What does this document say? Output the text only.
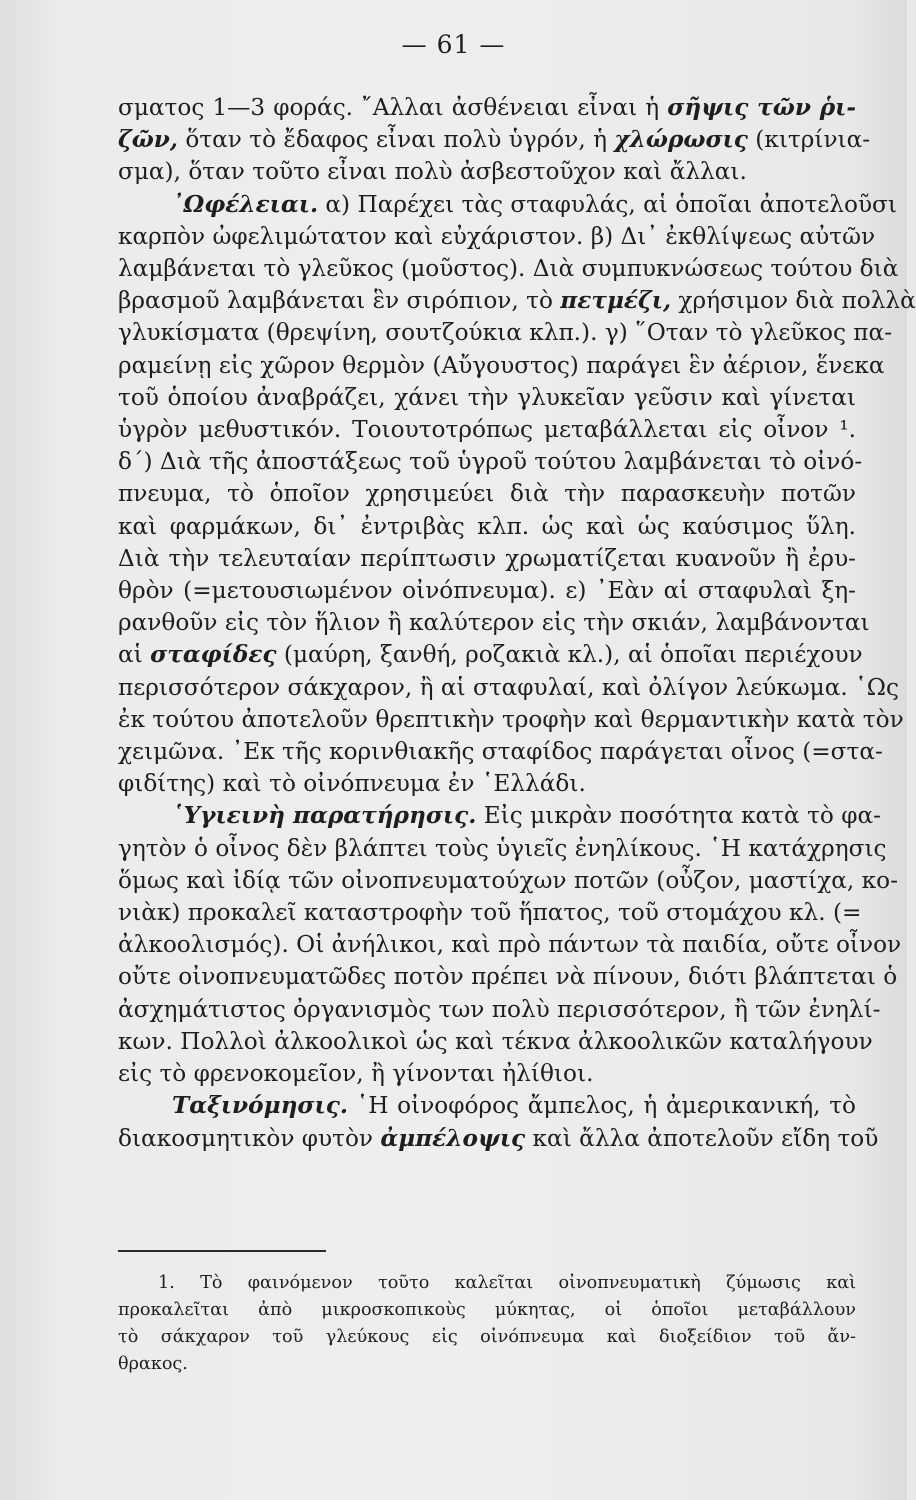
— 61 —
σματος 1—3 φοράς. ῎Αλλαι ἀσθένειαι εἶναι ἡ σῆψις τῶν ῥι-
ζῶν, ὅταν τὸ ἔδαφος εἶναι πολὺ ὑγρόν, ἡ χλώρωσις (κιτρίνια-
σμα), ὅταν τοῦτο εἶναι πολὺ ἀσβεστοῦχον καὶ ἄλλαι.
᾿Ωφέλειαι. α) Παρέχει τὰς σταφυλάς, αἱ ὁποῖαι ἀποτελοῦσι
καρπὸν ὠφελιμώτατον καὶ εὐχάριστον. β) Δι᾿ ἐκθλίψεως αὐτῶν
λαμβάνεται τὸ γλεῦκος (μοῦστος). Διὰ συμπυκνώσεως τούτου διὰ
βρασμοῦ λαμβάνεται ἓν σιρόπιον, τὸ πετμέζι, χρήσιμον διὰ πολλὰ
γλυκίσματα (θρεψίνη, σουτζούκια κλπ.). γ) ῞Οταν τὸ γλεῦκος πα-
ραμείνῃ εἰς χῶρον θερμὸν (Αὔγουστος) παράγει ἓν ἀέριον, ἕνεκα
τοῦ ὁποίου ἀναβράζει, χάνει τὴν γλυκεῖαν γεῦσιν καὶ γίνεται
ὑγρὸν μεθυστικόν. Τοιουτοτρόπως μεταβάλλεται εἰς οἶνον ¹.
δ΄) Διὰ τῆς ἀποστάξεως τοῦ ὑγροῦ τούτου λαμβάνεται τὸ οἰνό-
πνευμα, τὸ ὁποῖον χρησιμεύει διὰ τὴν παρασκευὴν ποτῶν
καὶ φαρμάκων, δι᾿ ἐντριβὰς κλπ. ὡς καὶ ὡς καύσιμος ὕλη.
Διὰ τὴν τελευταίαν περίπτωσιν χρωματίζεται κυανοῦν ἢ ἐρυ-
θρὸν (=μετουσιωμένον οἰνόπνευμα). ε) ᾿Εὰν αἱ σταφυλαὶ ξη-
ρανθοῦν εἰς τὸν ἥλιον ἢ καλύτερον εἰς τὴν σκιάν, λαμβάνονται
αἱ σταφίδες (μαύρη, ξανθή, ροζακιὰ κλ.), αἱ ὁποῖαι περιέχουν
περισσότερον σάκχαρον, ἢ αἱ σταφυλαί, καὶ ὀλίγον λεύκωμα. ῾Ως
ἐκ τούτου ἀποτελοῦν θρεπτικὴν τροφὴν καὶ θερμαντικὴν κατὰ τὸν
χειμῶνα. ᾿Εκ τῆς κορινθιακῆς σταφίδος παράγεται οἶνος (=στα-
φιδίτης) καὶ τὸ οἰνόπνευμα ἐν ῾Ελλάδι.
῾Υγιεινὴ παρατήρησις. Εἰς μικρὰν ποσότητα κατὰ τὸ φα-
γητὸν ὁ οἶνος δὲν βλάπτει τοὺς ὑγιεῖς ἐνηλίκους. ῾Η κατάχρησις
ὅμως καὶ ἰδίᾳ τῶν οἰνοπνευματούχων ποτῶν (οὖζον, μαστίχα, κο-
νιὰκ) προκαλεῖ καταστροφὴν τοῦ ἥπατος, τοῦ στομάχου κλ. (=
ἀλκοολισμός). Οἱ ἀνήλικοι, καὶ πρὸ πάντων τὰ παιδία, οὔτε οἶνον
οὔτε οἰνοπνευματῶδες ποτὸν πρέπει νὰ πίνουν, διότι βλάπτεται ὁ
ἀσχημάτιστος ὀργανισμὸς των πολὺ περισσότερον, ἢ τῶν ἐνηλί-
κων. Πολλοὶ ἀλκοολικοὶ ὡς καὶ τέκνα ἀλκοολικῶν καταλήγουν
εἰς τὸ φρενοκομεῖον, ἢ γίνονται ἠλίθιοι.
Ταξινόμησις. ῾Η οἰνοφόρος ἄμπελος, ἡ ἀμερικανική, τὸ
διακοσμητικὸν φυτὸν ἀμπέλοψις καὶ ἄλλα ἀποτελοῦν εἴδη τοῦ
1. Τὸ φαινόμενον τοῦτο καλεῖται οἰνοπνευματικὴ ζύμωσις καὶ
προκαλεῖται ἀπὸ μικροσκοπικοὺς μύκητας, οἱ ὁποῖοι μεταβάλλουν
τὸ σάκχαρον τοῦ γλεύκους εἰς οἰνόπνευμα καὶ διοξείδιον τοῦ ἄν-
θρακος.
